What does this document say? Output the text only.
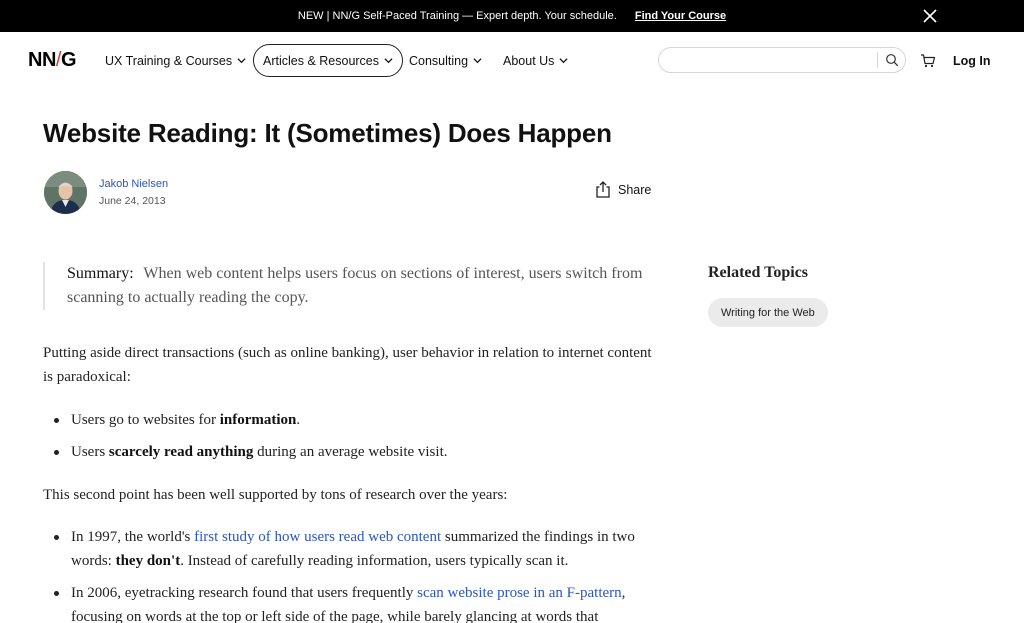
NEW | NN/G Self-Paced Training — Expert depth. Your schedule. Find Your Course
NN/G UX Training & Courses Articles & Resources Consulting	About Us	Log In
Website Reading: It (Sometimes) Does Happen
Jakob Nielsen
June 24, 2013
Share
Summary: When web content helps users focus on sections of interest, users switch from scanning to actually reading the copy.

Putting aside direct transactions (such as online banking), user behavior in relation to internet content is paradoxical:

Users go to websites for information.
Users scarcely read anything during an average website visit.

This second point has been well supported by tons of research over the years:

In 1997, the world's first study of how users read web content summarized the findings in two words: they don't. Instead of carefully reading information, users typically scan it.
In 2006, eyetracking research found that users frequently scan website prose in an F-pattern, focusing on words at the top or left side of the page, while barely glancing at words that
Related Topics
Writing for the Web
